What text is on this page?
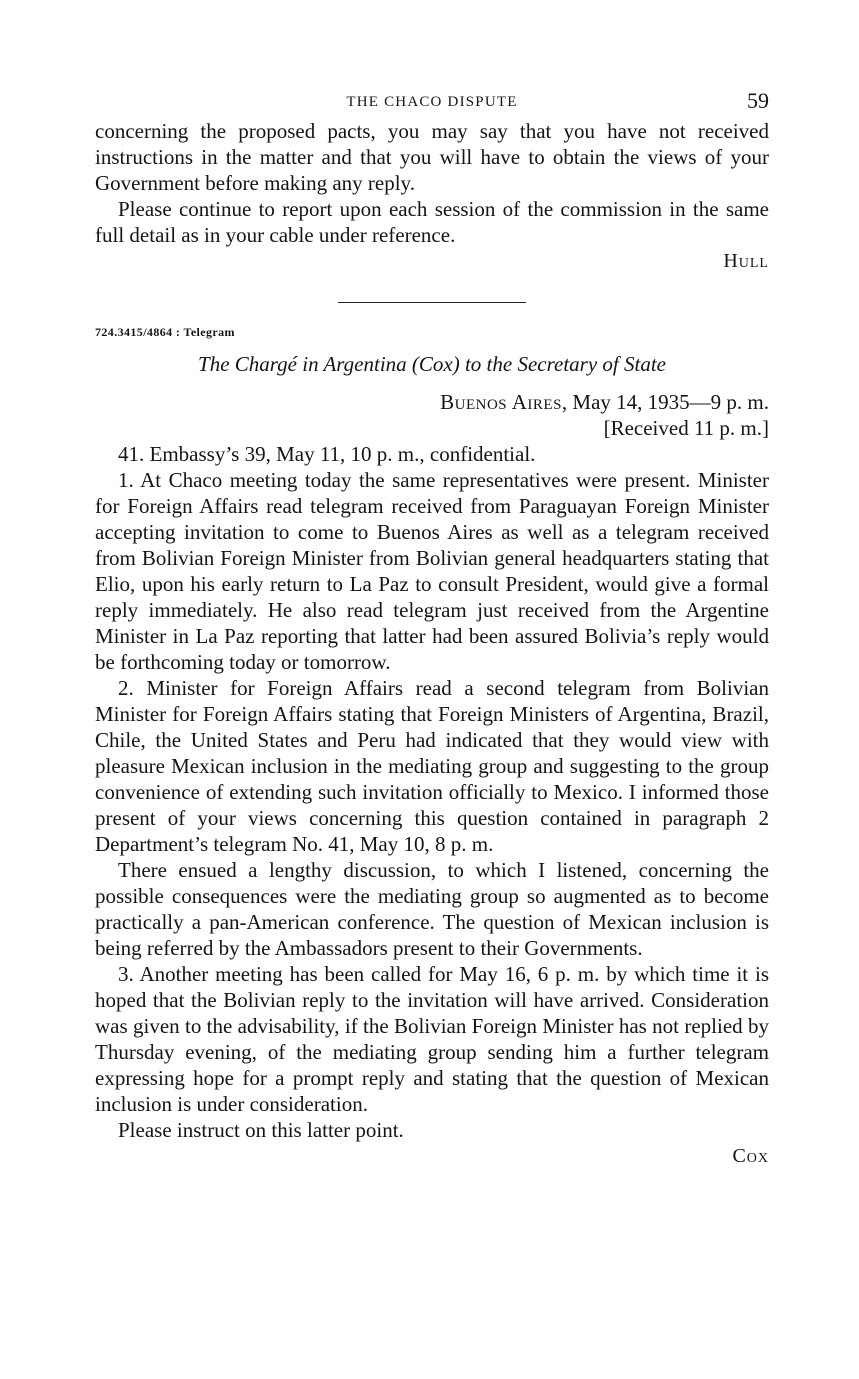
THE CHACO DISPUTE	59

concerning the proposed pacts, you may say that you have not received instructions in the matter and that you will have to obtain the views of your Government before making any reply.

Please continue to report upon each session of the commission in the same full detail as in your cable under reference.

Hull
724.3415/4864 : Telegram
The Chargé in Argentina (Cox) to the Secretary of State
Buenos Aires, May 14, 1935—9 p. m.
[Received 11 p. m.]

41. Embassy’s 39, May 11, 10 p. m., confidential.

1. At Chaco meeting today the same representatives were present. Minister for Foreign Affairs read telegram received from Paraguayan Foreign Minister accepting invitation to come to Buenos Aires as well as a telegram received from Bolivian Foreign Minister from Bolivian general headquarters stating that Elio, upon his early return to La Paz to consult President, would give a formal reply immediately. He also read telegram just received from the Argentine Minister in La Paz reporting that latter had been assured Bolivia’s reply would be forthcoming today or tomorrow.

2. Minister for Foreign Affairs read a second telegram from Bolivian Minister for Foreign Affairs stating that Foreign Ministers of Argentina, Brazil, Chile, the United States and Peru had indicated that they would view with pleasure Mexican inclusion in the mediating group and suggesting to the group convenience of extending such invitation officially to Mexico. I informed those present of your views concerning this question contained in paragraph 2 Department’s telegram No. 41, May 10, 8 p. m.

There ensued a lengthy discussion, to which I listened, concerning the possible consequences were the mediating group so augmented as to become practically a pan-American conference. The question of Mexican inclusion is being referred by the Ambassadors present to their Governments.

3. Another meeting has been called for May 16, 6 p. m. by which time it is hoped that the Bolivian reply to the invitation will have arrived. Consideration was given to the advisability, if the Bolivian Foreign Minister has not replied by Thursday evening, of the mediating group sending him a further telegram expressing hope for a prompt reply and stating that the question of Mexican inclusion is under consideration.

Please instruct on this latter point.

Cox
